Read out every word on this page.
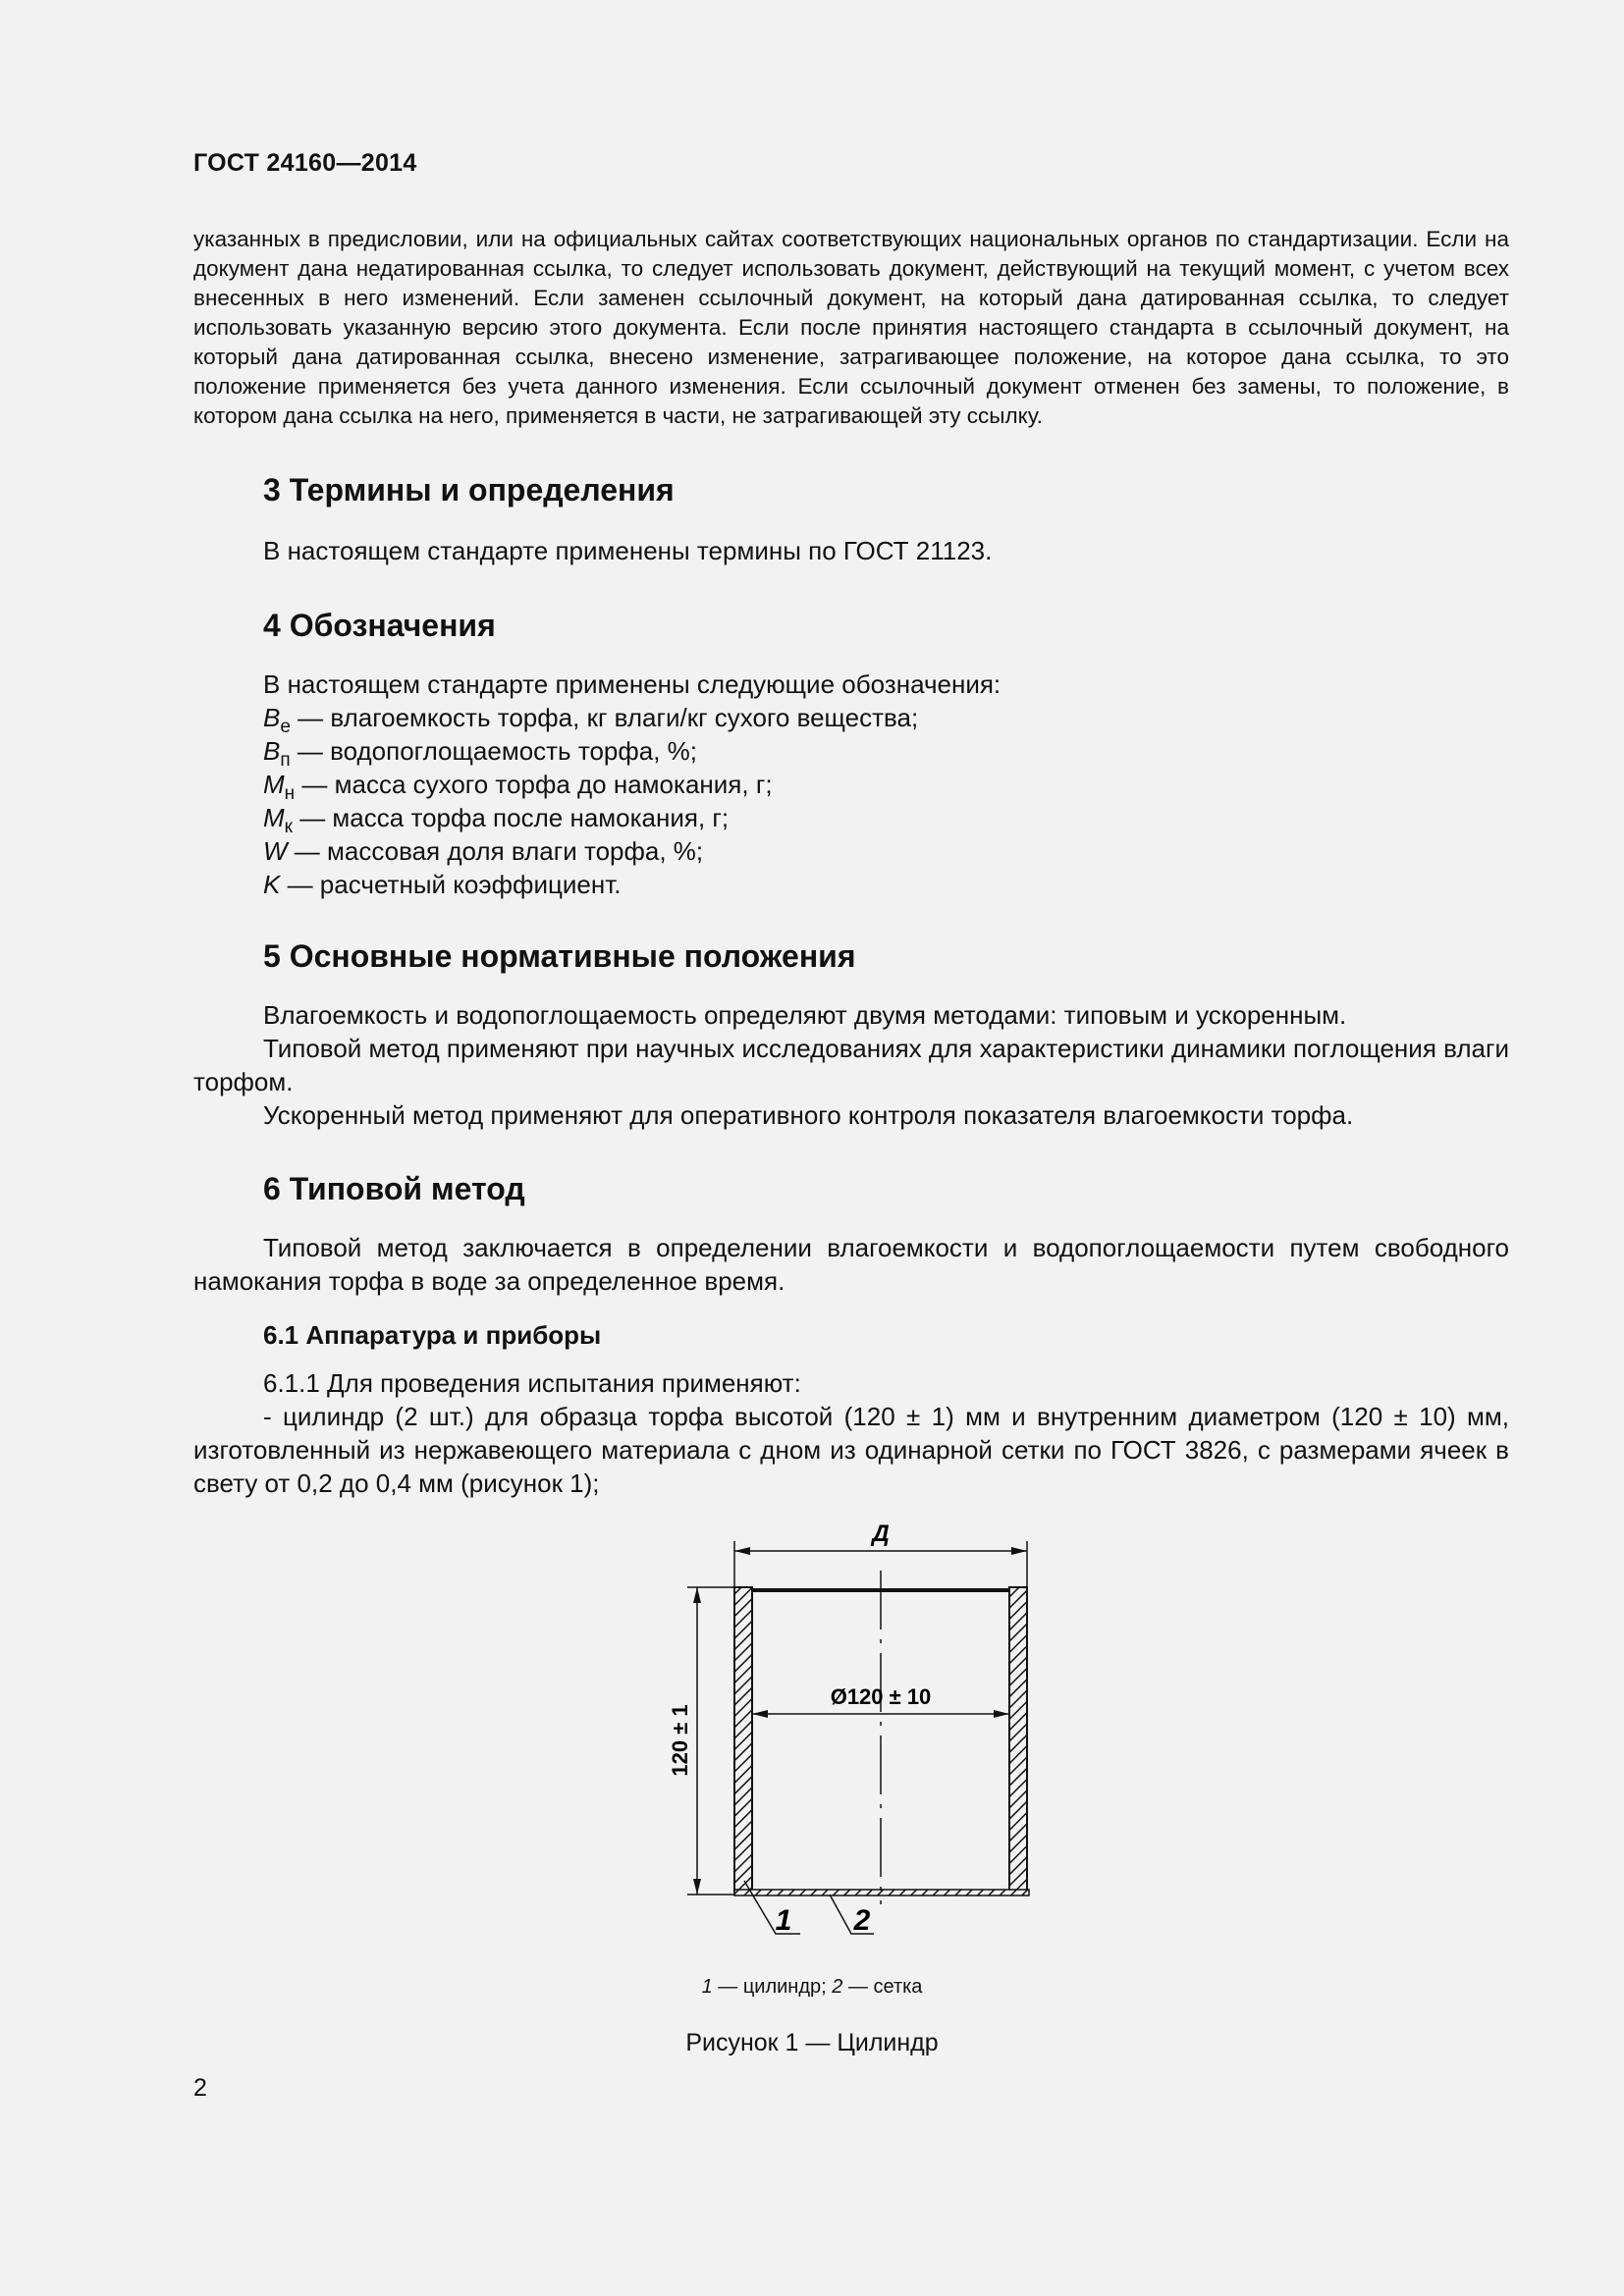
ГОСТ 24160—2014

указанных в предисловии, или на официальных сайтах соответствующих национальных органов по стандартизации. Если на документ дана недатированная ссылка, то следует использовать документ, действующий на текущий момент, с учетом всех внесенных в него изменений. Если заменен ссылочный документ, на который дана датированная ссылка, то следует использовать указанную версию этого документа. Если после принятия настоящего стандарта в ссылочный документ, на который дана датированная ссылка, внесено изменение, затрагивающее положение, на которое дана ссылка, то это положение применяется без учета данного изменения. Если ссылочный документ отменен без замены, то положение, в котором дана ссылка на него, применяется в части, не затрагивающей эту ссылку.

3 Термины и определения

В настоящем стандарте применены термины по ГОСТ 21123.

4 Обозначения
В настоящем стандарте применены следующие обозначения:
$B_е$ — влагоемкость торфа, кг влаги/кг сухого вещества;
$B_п$ — водопоглощаемость торфа, %;
$M_н$ — масса сухого торфа до намокания, г;
$M_к$ — масса торфа после намокания, г;
W — массовая доля влаги торфа, %;
K — расчетный коэффициент.
5 Основные нормативные положения

Влагоемкость и водопоглощаемость определяют двумя методами: типовым и ускоренным.

Типовой метод применяют при научных исследованиях для характеристики динамики поглощения влаги торфом.

Ускоренный метод применяют для оперативного контроля показателя влагоемкости торфа.

6 Типовой метод

Типовой метод заключается в определении влагоемкости и водопоглощаемости путем свободного намокания торфа в воде за определенное время.

6.1 Аппаратура и приборы

6.1.1 Для проведения испытания применяют:

- цилиндр (2 шт.) для образца торфа высотой (120 ± 1) мм и внутренним диаметром (120 ± 10) мм, изготовленный из нержавеющего материала с дном из одинарной сетки по ГОСТ 3826, с размерами ячеек в свету от 0,2 до 0,4 мм (рисунок 1);

Д
120 ± 1
Ø120 ± 10
1 2
1 — цилиндр; 2 — сетка
Рисунок 1 — Цилиндр
2
